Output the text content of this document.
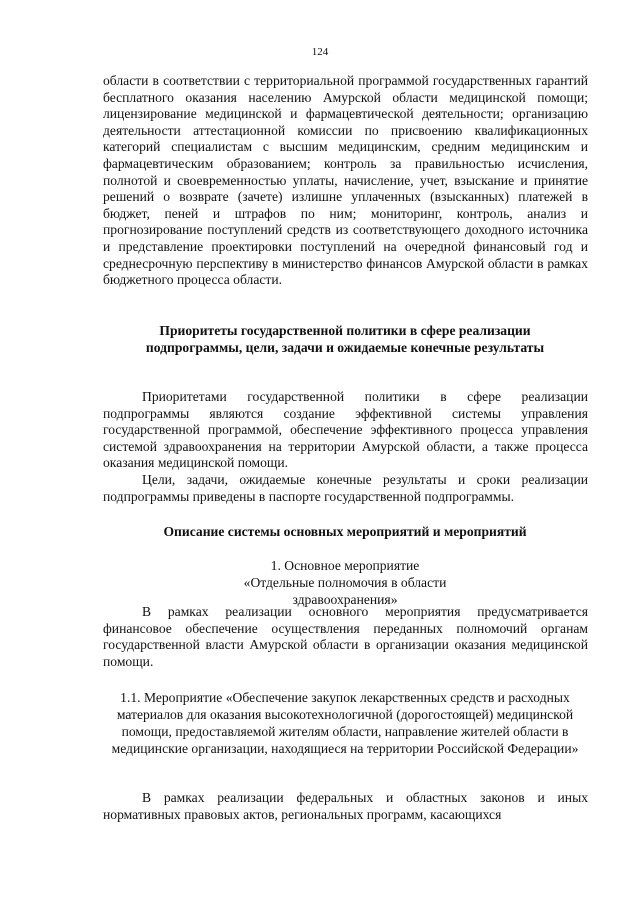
124

области в соответствии с территориальной программой государственных гарантий бесплатного оказания населению Амурской области медицинской помощи; лицензирование медицинской и фармацевтической деятельности; организацию деятельности аттестационной комиссии по присвоению квалификационных категорий специалистам с высшим медицинским, средним медицинским и фармацевтическим образованием; контроль за правильностью исчисления, полнотой и своевременностью уплаты, начисление, учет, взыскание и принятие решений о возврате (зачете) излишне уплаченных (взысканных) платежей в бюджет, пеней и штрафов по ним; мониторинг, контроль, анализ и прогнозирование поступлений средств из соответствующего доходного источника и представление проектировки поступлений на очередной финансовый год и среднесрочную перспективу в министерство финансов Амурской области в рамках бюджетного процесса области.

Приоритеты государственной политики в сфере реализации подпрограммы, цели, задачи и ожидаемые конечные результаты

Приоритетами государственной политики в сфере реализации подпрограммы являются создание эффективной системы управления государственной программой, обеспечение эффективного процесса управления системой здравоохранения на территории Амурской области, а также процесса оказания медицинской помощи.

Цели, задачи, ожидаемые конечные результаты и сроки реализации подпрограммы приведены в паспорте государственной подпрограммы.

Описание системы основных мероприятий и мероприятий
1. Основное мероприятие «Отдельные полномочия в области здравоохранения»

В рамках реализации основного мероприятия предусматривается финансовое обеспечение осуществления переданных полномочий органам государственной власти Амурской области в организации оказания медицинской помощи.

1.1. Мероприятие «Обеспечение закупок лекарственных средств и расходных материалов для оказания высокотехнологичной (дорогостоящей) медицинской помощи, предоставляемой жителям области, направление жителей области в медицинские организации, находящиеся на территории Российской Федерации»

В рамках реализации федеральных и областных законов и иных нормативных правовых актов, региональных программ, касающихся
